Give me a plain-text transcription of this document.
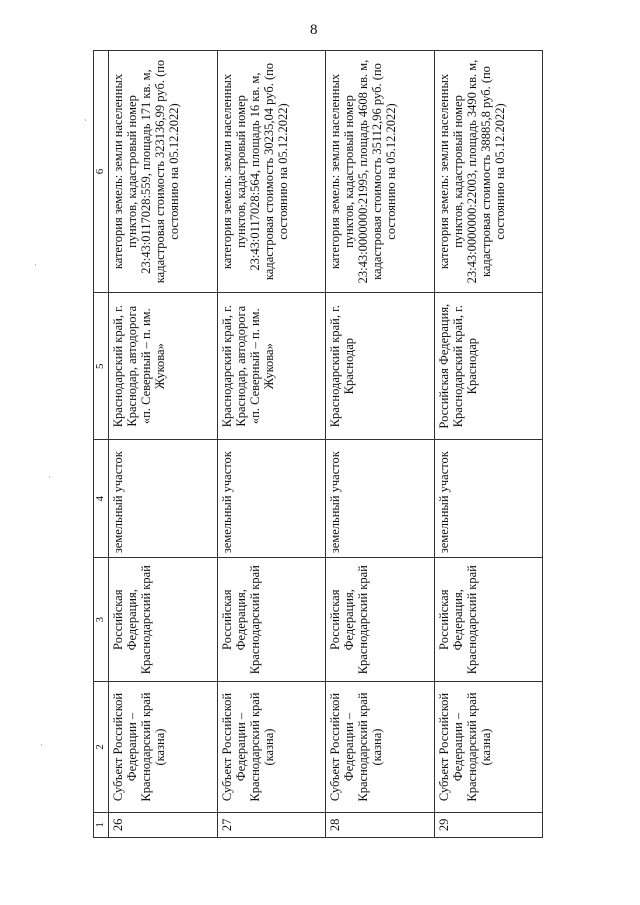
8
ˋ
·
ˎ
·
1	2	3	4	5	6
26	Субъект Российской Федерации – Краснодарский край (казна)	Российская Федерация, Краснодарский край	земельный участок	Краснодарский край, г. Краснодар, автодорога «п. Северный – п. им. Жукова»	категория земель: земли населенных пунктов, кадастровый номер 23:43:0117028:559, площадь 171 кв. м, кадастровая стоимость 323136,99 руб. (по состоянию на 05.12.2022)
27	Субъект Российской Федерации – Краснодарский край (казна)	Российская Федерация, Краснодарский край	земельный участок	Краснодарский край, г. Краснодар, автодорога «п. Северный – п. им. Жукова»	категория земель: земли населенных пунктов, кадастровый номер 23:43:0117028:564, площадь 16 кв. м, кадастровая стоимость 30235,04 руб. (по состоянию на 05.12.2022)
28	Субъект Российской Федерации – Краснодарский край (казна)	Российская Федерация, Краснодарский край	земельный участок	Краснодарский край, г. Краснодар	категория земель: земли населенных пунктов, кадастровый номер 23:43:0000000:21995, площадь 4608 кв. м, кадастровая стоимость 35112,96 руб. (по состоянию на 05.12.2022)
29	Субъект Российской Федерации – Краснодарский край (казна)	Российская Федерация, Краснодарский край	земельный участок	Российская Федерация, Краснодарский край, г. Краснодар	категория земель: земли населенных пунктов, кадастровый номер 23:43:0000000:22003, площадь 3490 кв. м, кадастровая стоимость 38885,8 руб. (по состоянию на 05.12.2022)
